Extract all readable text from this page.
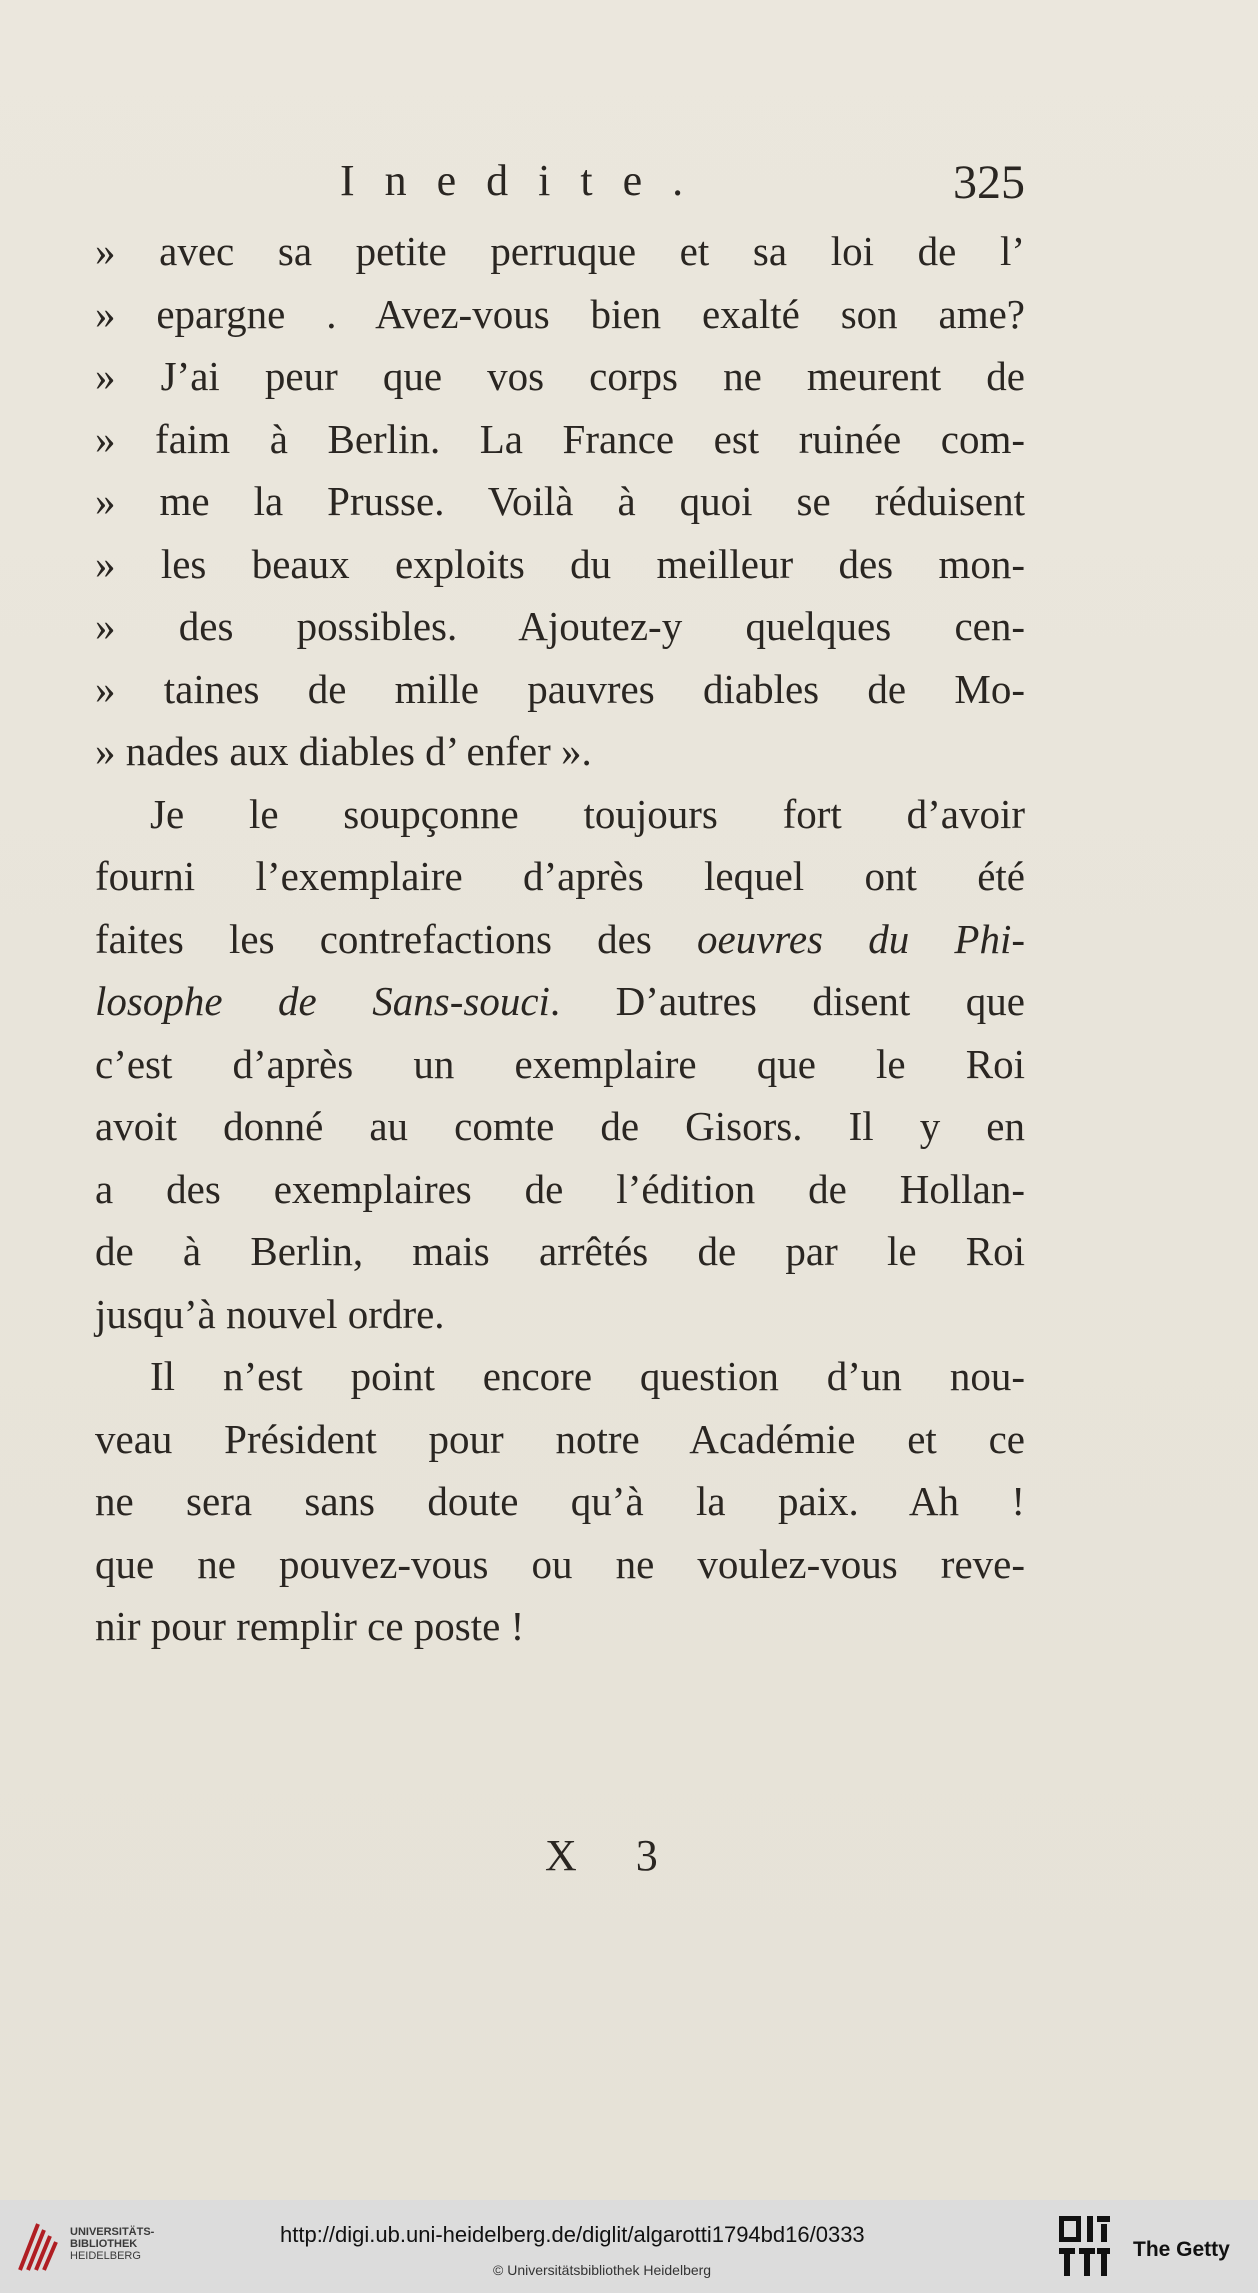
Inedite.	325
» avec sa petite perruque et sa loi de l’
» epargne . Avez-vous bien exalté son ame?
» J’ai peur que vos corps ne meurent de
» faim à Berlin. La France est ruinée com-
» me la Prusse. Voilà à quoi se réduisent
» les beaux exploits du meilleur des mon-
» des possibles. Ajoutez-y quelques cen-
» taines de mille pauvres diables de Mo-
» nades aux diables d’ enfer ».
Je le soupçonne toujours fort d’avoir
fourni l’exemplaire d’après lequel ont été
faites les contrefactions des oeuvres du Phi-
losophe de Sans-souci. D’autres disent que
c’est d’après un exemplaire que le Roi
avoit donné au comte de Gisors. Il y en
a des exemplaires de l’édition de Hollan-
de à Berlin, mais arrêtés de par le Roi
jusqu’à nouvel ordre.
Il n’est point encore question d’un nou-
veau Président pour notre Académie et ce
ne sera sans doute qu’à la paix. Ah !
que ne pouvez-vous ou ne voulez-vous reve-
nir pour remplir ce poste !
X 3
UNIVERSITÄTS-
BIBLIOTHEK
HEIDELBERG
http://digi.ub.uni-heidelberg.de/diglit/algarotti1794bd16/0333
© Universitätsbibliothek Heidelberg
The Getty
